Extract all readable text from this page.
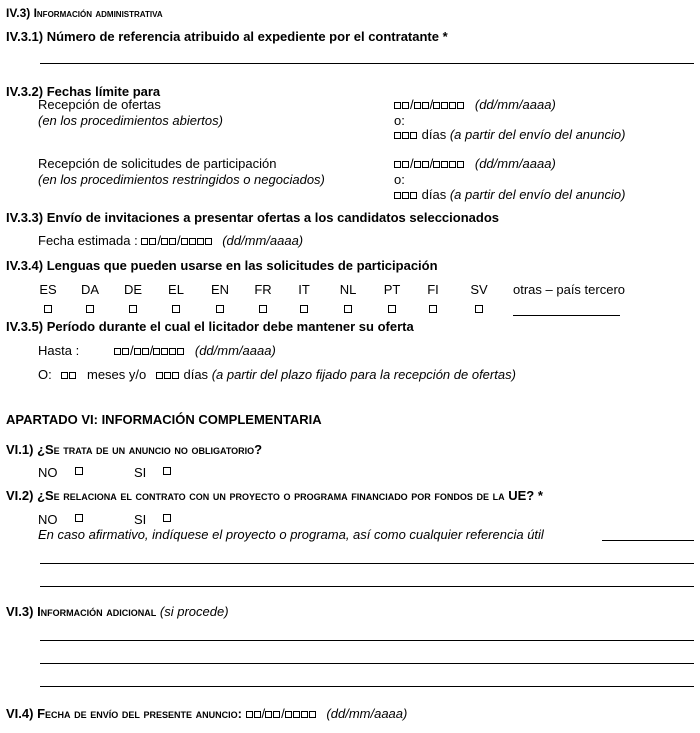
IV.3) Información administrativa
IV.3.1) Número de referencia atribuido al expediente por el contratante *
IV.3.2) Fechas límite para
Recepción de ofertas
(en los procedimientos abiertos)
/ /	(dd/mm/aaaa)
o:
días (a partir del envío del anuncio)
Recepción de solicitudes de participación
(en los procedimientos restringidos o negociados)
/ /	(dd/mm/aaaa)
o:
días (a partir del envío del anuncio)
IV.3.3) Envío de invitaciones a presentar ofertas a los candidatos seleccionados
Fecha estimada : / /	(dd/mm/aaaa)
IV.3.4) Lenguas que pueden usarse en las solicitudes de participación
ES	DA	DE	EL	EN	FR	IT	NL	PT	FI	SV	otras – país tercero
IV.3.5) Período durante el cual el licitador debe mantener su oferta
Hasta :	/ /	(dd/mm/aaaa)
O:	meses y/o	días (a partir del plazo fijado para la recepción de ofertas)
APARTADO VI: INFORMACIÓN COMPLEMENTARIA
VI.1) ¿Se trata de un anuncio no obligatorio?
NO	SI
VI.2) ¿Se relaciona el contrato con un proyecto o programa financiado por fondos de la UE? *
NO	SI
En caso afirmativo, indíquese el proyecto o programa, así como cualquier referencia útil
VI.3) Información adicional (si procede)
VI.4) Fecha de envío del presente anuncio: / /	(dd/mm/aaaa)
